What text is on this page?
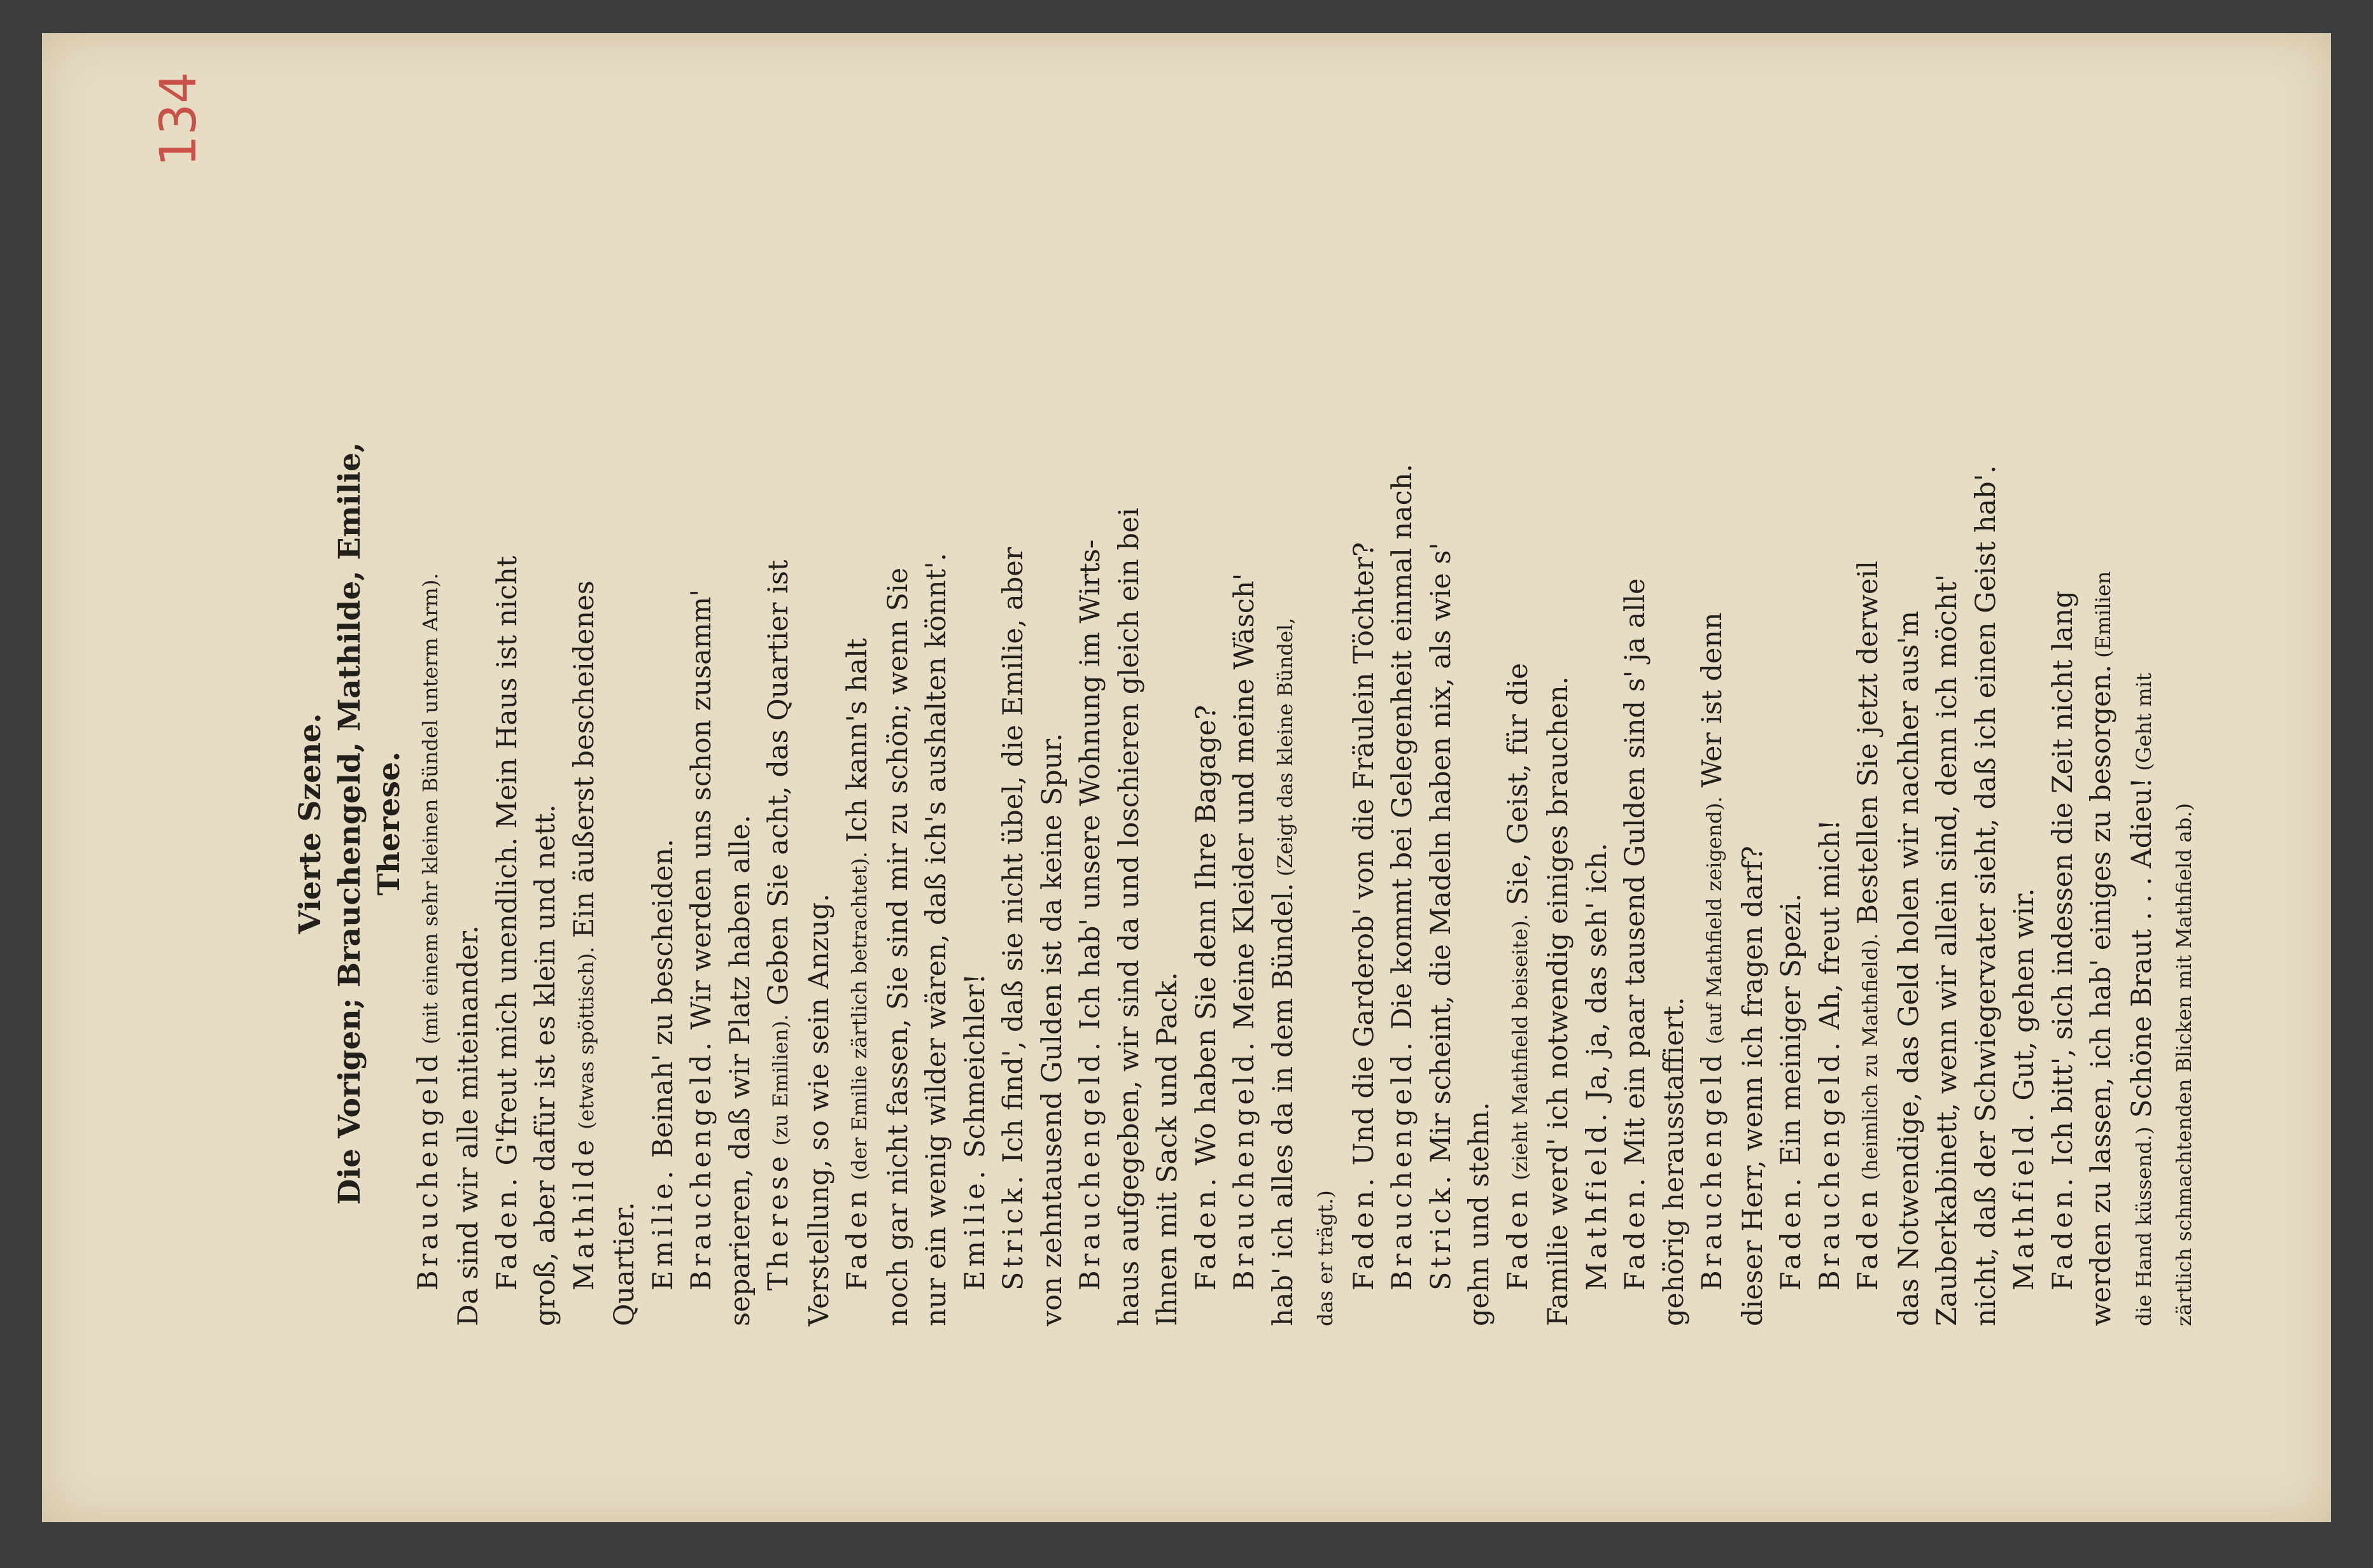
134
Vierte Szene. Die Vorigen; Brauchengeld, Mathilde, Emilie, Therese.
Brauchengeld (mit einem sehr kleinen Bündel unterm Arm).
Da sind wir alle miteinander. Faden. G'freut mich unendlich. Mein Haus ist nicht groß, aber dafür ist es klein und nett. Mathilde (etwas spöttisch). Ein äußerst bescheidenes
Quartier. Emilie. Beinah' zu bescheiden. Brauchengeld. Wir werden uns schon zusamm'
separieren, daß wir Platz haben alle. Therese (zu Emilien). Geben Sie acht, das Quartier ist
Verstellung, so wie sein Anzug. Faden (der Emilie zärtlich betrachtet). Ich kann's halt noch gar nicht fassen, Sie sind mir zu schön; wenn Sie nur ein wenig wilder wären, daß ich's aushalten könnt'. Emilie. Schmeichler!
Strick. Ich find', daß sie nicht übel, die Emilie, aber von zehntausend Gulden ist da keine Spur. Brauchengeld. Ich hab' unsere Wohnung im Wirts- haus aufgegeben, wir sind da und loschieren gleich ein bei Ihnen mit Sack und Pack. Faden. Wo haben Sie denn Ihre Bagage? Brauchengeld. Meine Kleider und meine Wäsch'
hab' ich alles da in dem Bündel. (Zeigt das kleine Bündel,
das er trägt.) Faden. Und die Garderob' von die Fräulein Töchter? Brauchengeld. Die kommt bei Gelegenheit einmal nach.
Strick. Mir scheint, die Madeln haben nix, als wie s'
gehn und stehn. Faden (zieht Mathfield beiseite). Sie, Geist, für die Familie werd' ich notwendig einiges brauchen. Mathfield. Ja, ja, das seh' ich.
Faden. Mit ein paar tausend Gulden sind s' ja alle gehörig herausstaffiert. Brauchengeld (auf Mathfield zeigend). Wer ist denn
dieser Herr, wenn ich fragen darf? Faden. Ein meiniger Spezi. Brauchengeld. Ah, freut mich!
Faden (heimlich zu Mathfield). Bestellen Sie jetzt derweil das Notwendige, das Geld holen wir nachher aus'm Zauberkabinett, wenn wir allein sind, denn ich möcht' nicht, daß der Schwiegervater sieht, daß ich einen Geist hab'. Mathfield. Gut, gehen wir.
Faden. Ich bitt', sich indessen die Zeit nicht lang werden zu lassen, ich hab' einiges zu besorgen. (Emilien
die Hand küssend.) Schöne Braut . . . Adieu! (Geht mit
zärtlich schmachtenden Blicken mit Mathfield ab.)
